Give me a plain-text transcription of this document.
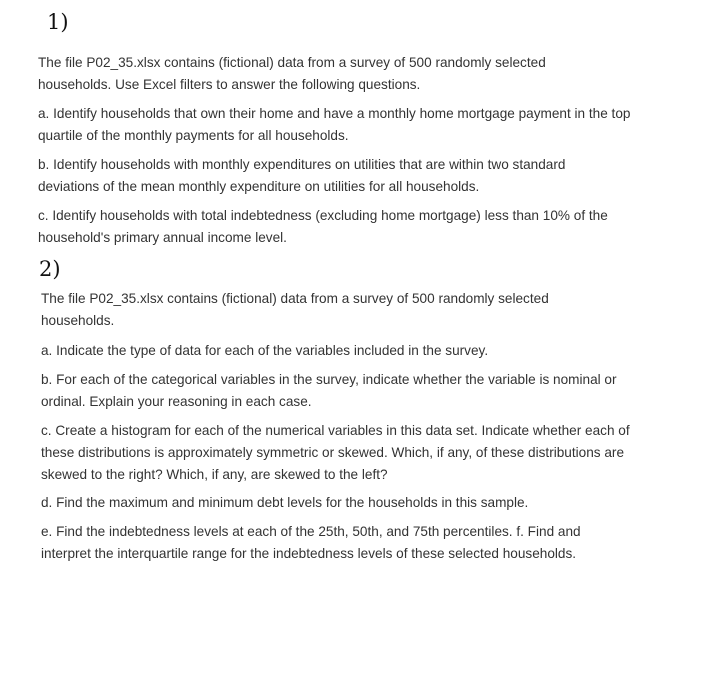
1)

The file P02_35.xlsx contains (fictional) data from a survey of 500 randomly selected households. Use Excel filters to answer the following questions.

a. Identify households that own their home and have a monthly home mortgage payment in the top quartile of the monthly payments for all households.

b. Identify households with monthly expenditures on utilities that are within two standard deviations of the mean monthly expenditure on utilities for all households.

c. Identify households with total indebtedness (excluding home mortgage) less than 10% of the household's primary annual income level.

2)

The file P02_35.xlsx contains (fictional) data from a survey of 500 randomly selected households.

a. Indicate the type of data for each of the variables included in the survey.

b. For each of the categorical variables in the survey, indicate whether the variable is nominal or ordinal. Explain your reasoning in each case.

c. Create a histogram for each of the numerical variables in this data set. Indicate whether each of these distributions is approximately symmetric or skewed. Which, if any, of these distributions are skewed to the right? Which, if any, are skewed to the left?

d. Find the maximum and minimum debt levels for the households in this sample.

e. Find the indebtedness levels at each of the 25th, 50th, and 75th percentiles. f. Find and interpret the interquartile range for the indebtedness levels of these selected households.
